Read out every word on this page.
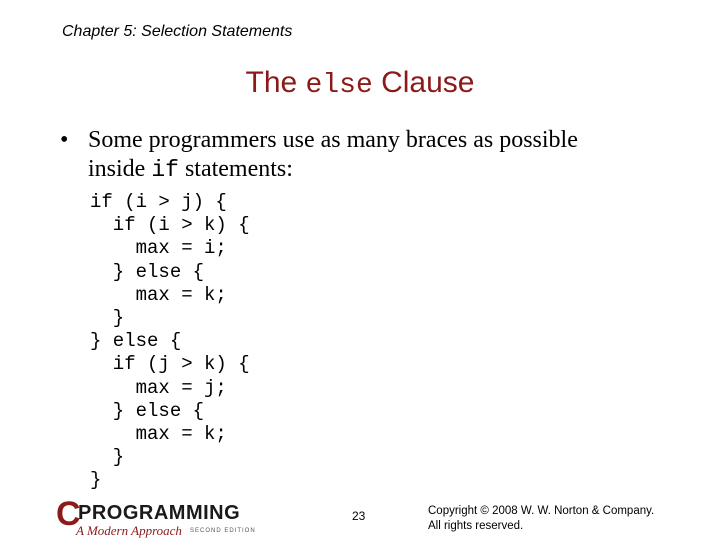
Chapter 5: Selection Statements
The else Clause
• Some programmers use as many braces as possible
inside if statements:
if (i > j) {
if (i > k) {
max = i;
} else {
max = k;
}
} else {
if (j > k) {
max = j;
} else {
max = k;
}
}
C
PROGRAMMING
A Modern Approach SECOND EDITION
23	Copyright © 2008 W. W. Norton & Company.
All rights reserved.
